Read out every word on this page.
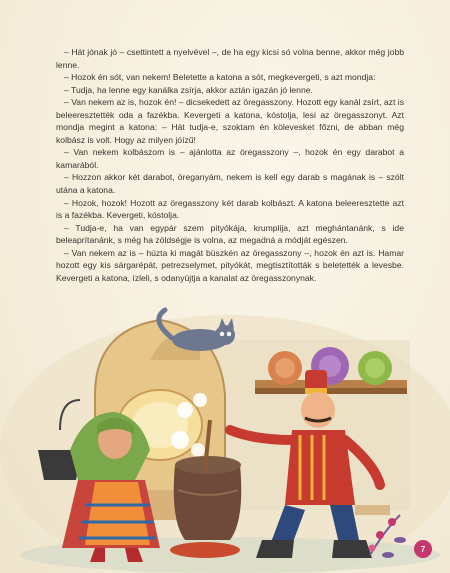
– Hát jónak jó – csettintett a nyelvével –, de ha egy kicsi só volna benne, akkor még jobb lenne.

– Hozok én sót, van nekem! Beletette a katona a sót, megkevergeti, s azt mondja:

– Tudja, ha lenne egy kanálka zsírja, akkor aztán igazán jó lenne.

– Van nekem az is, hozok én! – dicsekedett az öregasszony. Hozott egy kanál zsírt, azt is beleeresztették oda a fazékba. Kevergeti a katona, kóstolja, lesi az öregasszonyt. Azt mondja megint a katona: – Hát tudja-e, szoktam én kölevesket főzni, de abban még kolbász is volt. Hogy az milyen jóízű!

– Van nekem kolbászom is – ajánlotta az öregasszony –, hozok én egy darabot a kamarából.

– Hozzon akkor két darabot, öreganyám, nekem is kell egy darab s magának is – szólt utána a katona.

– Hozok, hozok! Hozott az öregasszony két darab kolbászt. A katona beleeresztette azt is a fazékba. Kevergeti, kóstolja.

– Tudja-e, ha van egypár szem pityókája, krumplija, azt meghántanánk, s ide beleaprítanánk, s még ha zöldségje is volna, az megadná a módját egészen.

– Van nekem az is – húzta ki magát büszkén az öregasszony –, hozok én azt is. Hamar hozott egy kis sárgarépát, petrezselymet, pityókát, megtisztították s beletették a levesbe. Kevergeti a katona, ízleli, s odanyújtja a kanalat az öregasszonynak.

7
